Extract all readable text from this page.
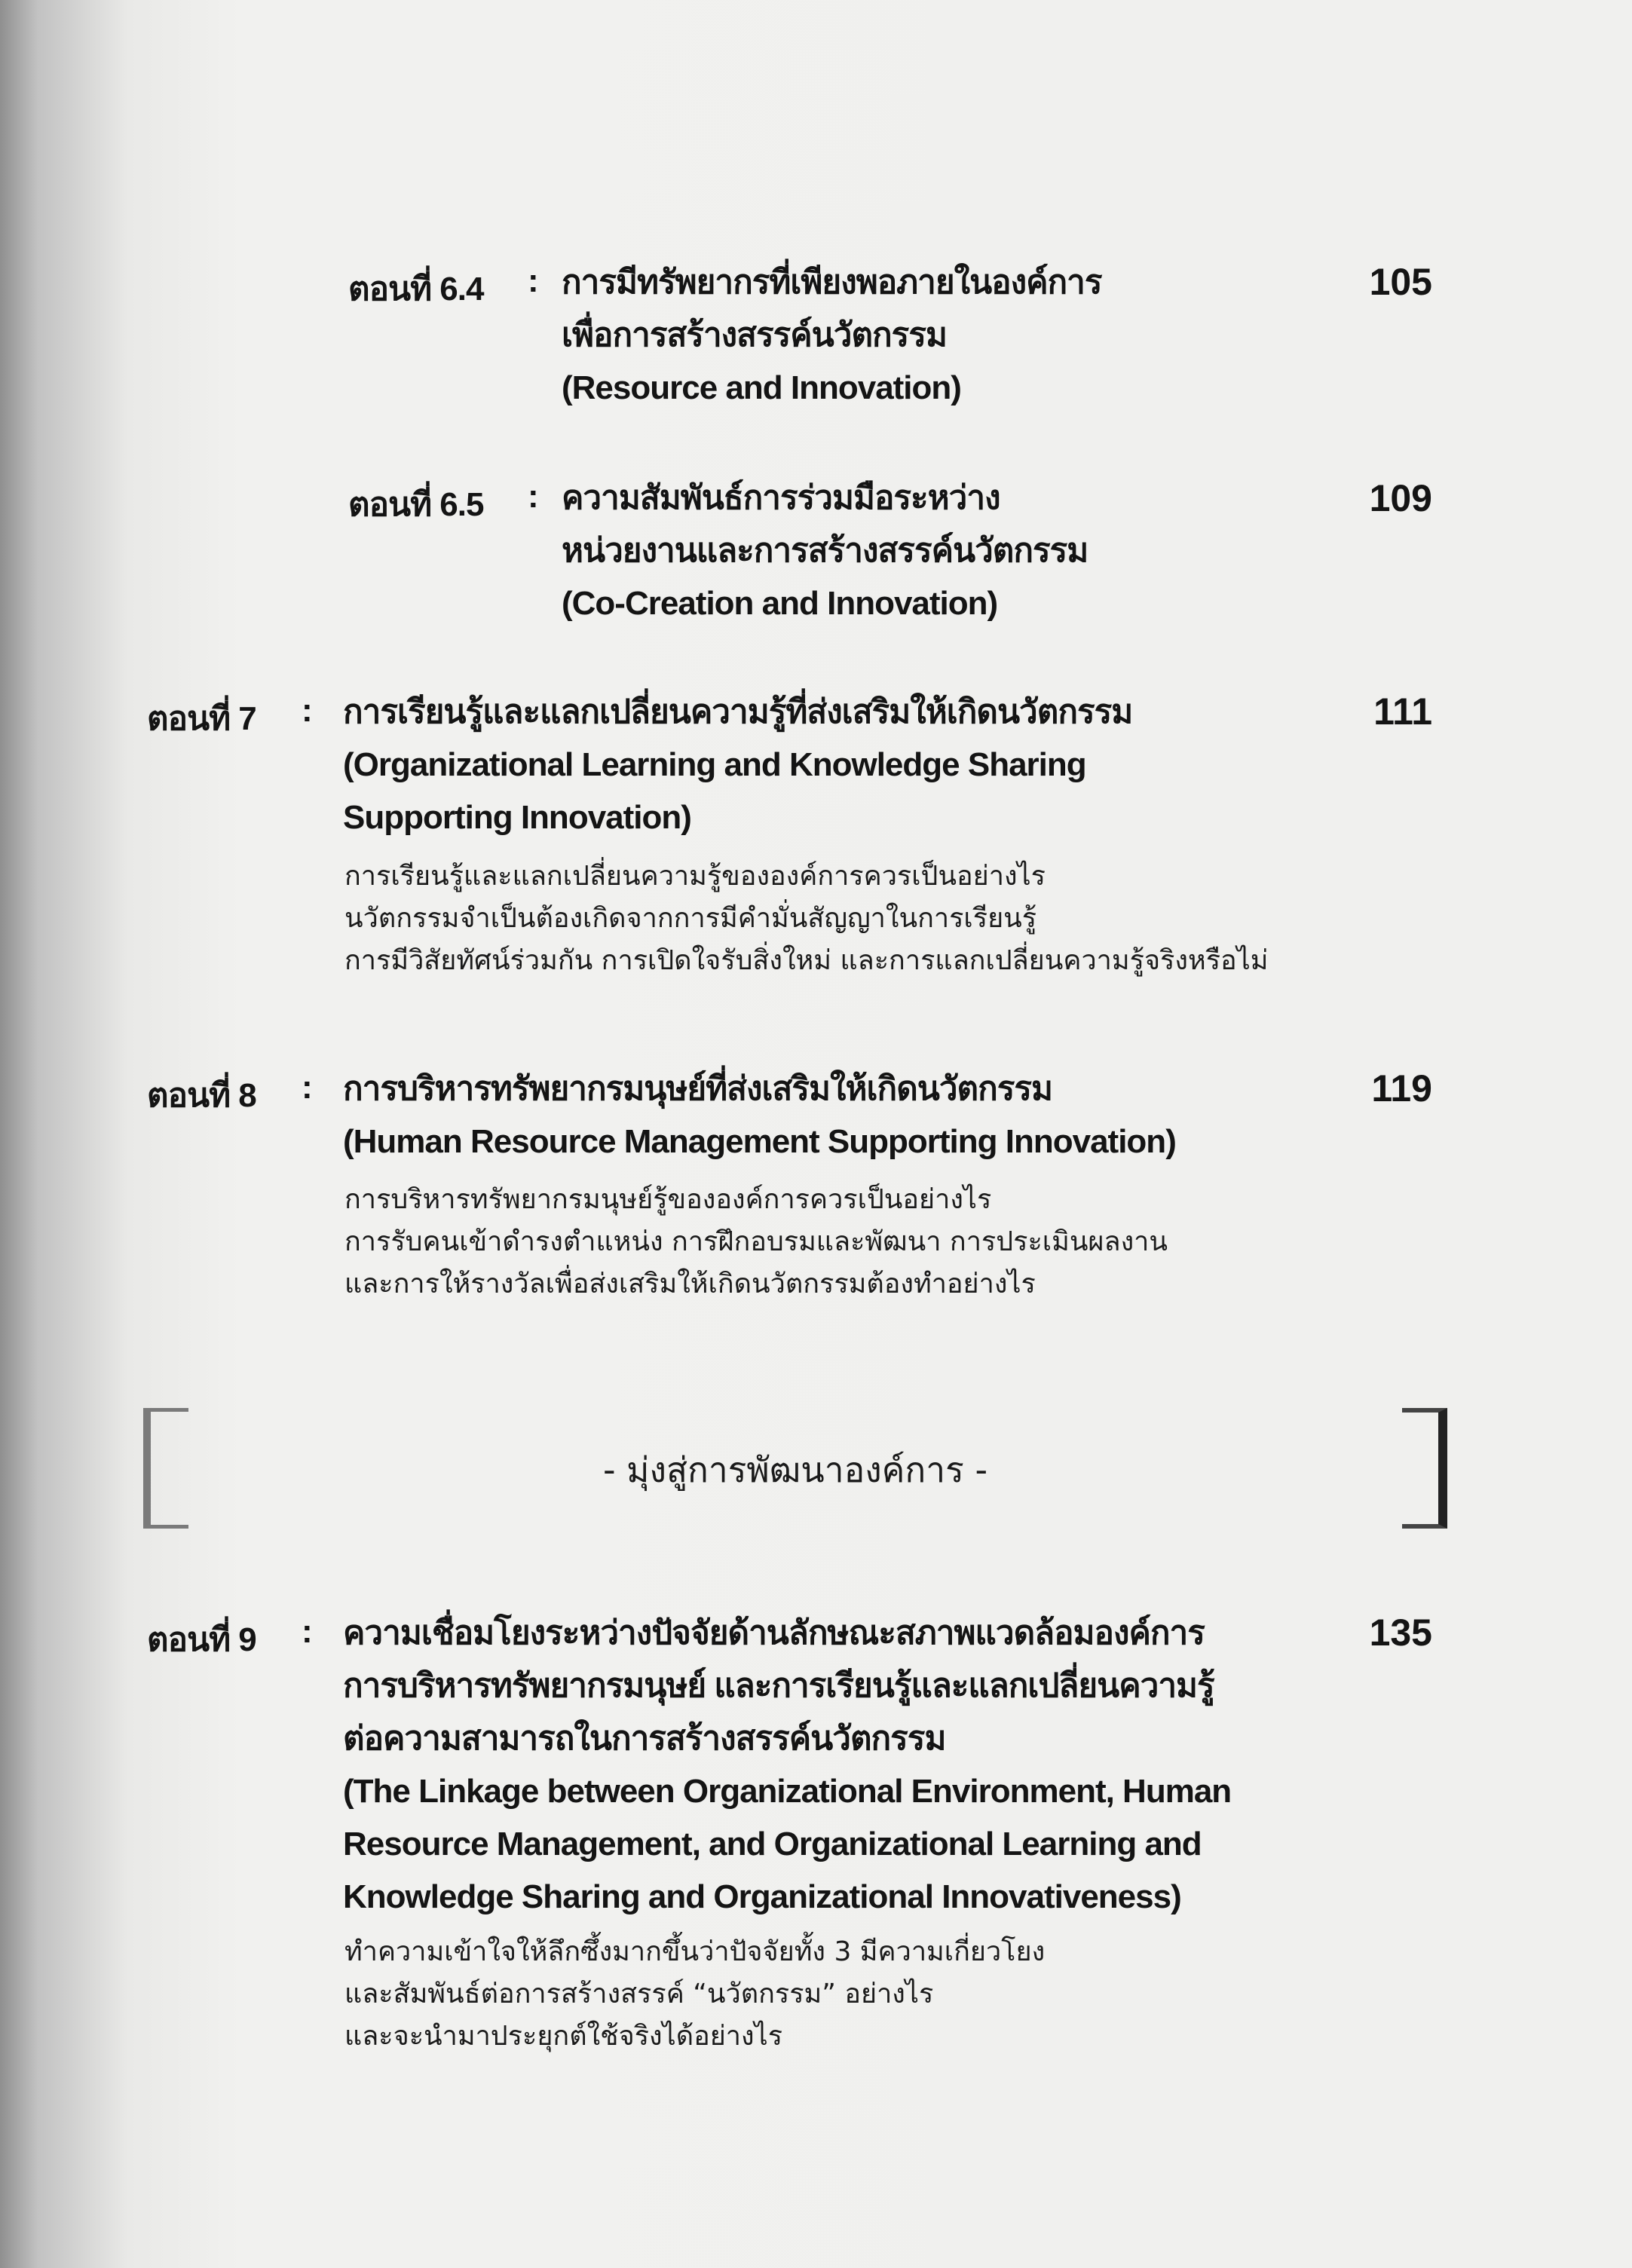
ตอนที่ 6.4 : การมีทรัพยากรที่เพียงพอภายในองค์การ
เพื่อการสร้างสรรค์นวัตกรรม
(Resource and Innovation)
105
ตอนที่ 6.5 : ความสัมพันธ์การร่วมมือระหว่าง
หน่วยงานและการสร้างสรรค์นวัตกรรม
(Co-Creation and Innovation)
109
ตอนที่ 7 : การเรียนรู้และแลกเปลี่ยนความรู้ที่ส่งเสริมให้เกิดนวัตกรรม
(Organizational Learning and Knowledge Sharing
Supporting Innovation)
111
การเรียนรู้และแลกเปลี่ยนความรู้ขององค์การควรเป็นอย่างไร
นวัตกรรมจำเป็นต้องเกิดจากการมีคำมั่นสัญญาในการเรียนรู้
การมีวิสัยทัศน์ร่วมกัน การเปิดใจรับสิ่งใหม่ และการแลกเปลี่ยนความรู้จริงหรือไม่
ตอนที่ 8 : การบริหารทรัพยากรมนุษย์ที่ส่งเสริมให้เกิดนวัตกรรม
(Human Resource Management Supporting Innovation)
119
การบริหารทรัพยากรมนุษย์รู้ขององค์การควรเป็นอย่างไร
การรับคนเข้าดำรงตำแหน่ง การฝึกอบรมและพัฒนา การประเมินผลงาน
และการให้รางวัลเพื่อส่งเสริมให้เกิดนวัตกรรมต้องทำอย่างไร
- มุ่งสู่การพัฒนาองค์การ -
ตอนที่ 9 : ความเชื่อมโยงระหว่างปัจจัยด้านลักษณะสภาพแวดล้อมองค์การ
การบริหารทรัพยากรมนุษย์ และการเรียนรู้และแลกเปลี่ยนความรู้
ต่อความสามารถในการสร้างสรรค์นวัตกรรม
(The Linkage between Organizational Environment, Human
Resource Management, and Organizational Learning and
Knowledge Sharing and Organizational Innovativeness)
135
ทำความเข้าใจให้ลึกซึ้งมากขึ้นว่าปัจจัยทั้ง 3 มีความเกี่ยวโยง
และสัมพันธ์ต่อการสร้างสรรค์ “นวัตกรรม” อย่างไร
และจะนำมาประยุกต์ใช้จริงได้อย่างไร
